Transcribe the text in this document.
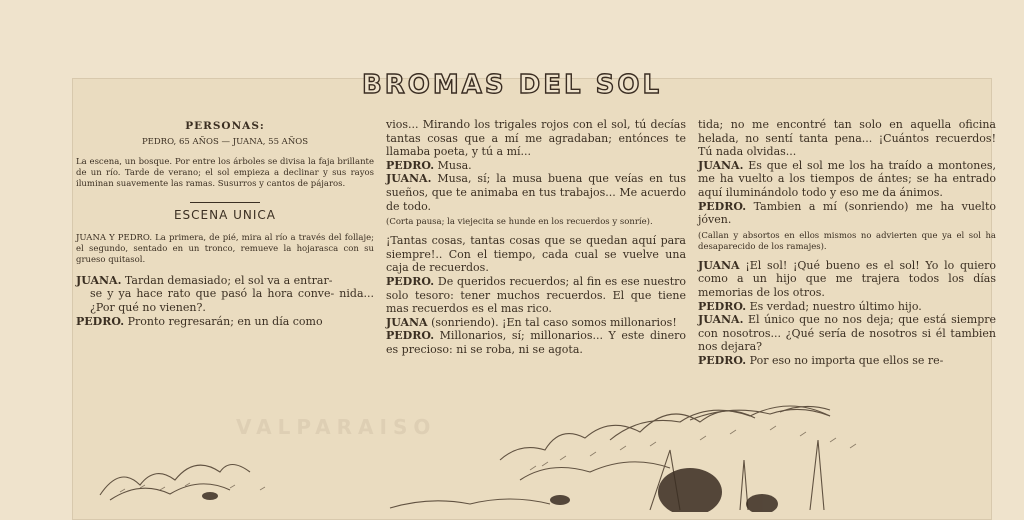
VALPARAISO
BROMAS DEL SOL
PERSONAS:
PEDRO, 65 AÑOS — JUANA, 55 AÑOS
La escena, un bosque. Por entre los árboles se divisa la faja brillante de un río. Tarde de verano; el sol empieza a declinar y sus rayos iluminan suavemente las ramas. Susurros y cantos de pájaros.
ESCENA UNICA
JUANA Y PEDRO. La primera, de pié, mira al río a través del follaje; el segundo, sentado en un tronco, remueve la hojarasca con su grueso quitasol.

JUANA. Tardan demasiado; el sol va a entrar-

se y ya hace rato que pasó la hora conve- nida... ¿Por qué no vienen?.

PEDRO. Pronto regresarán; en un día como

vios... Mirando los trigales rojos con el sol, tú decías tantas cosas que a mí me agradaban; entónces te llamaba poeta, y tú a mí...

PEDRO. Musa.

JUANA. Musa, sí; la musa buena que veías en tus sueños, que te animaba en tus trabajos... Me acuerdo de todo.

(Corta pausa; la viejecita se hunde en los recuerdos y sonríe).

¡Tantas cosas, tantas cosas que se quedan aquí para siempre!.. Con el tiempo, cada cual se vuelve una caja de recuerdos.

PEDRO. De queridos recuerdos; al fin es ese nuestro solo tesoro: tener muchos recuerdos. El que tiene mas recuerdos es el mas rico.

JUANA (sonriendo). ¡En tal caso somos millonarios!

PEDRO. Millonarios, sí; millonarios... Y este dinero es precioso: ni se roba, ni se agota.

tida; no me encontré tan solo en aquella oficina helada, no sentí tanta pena... ¡Cuántos recuerdos! Tú nada olvidas...

JUANA. Es que el sol me los ha traído a montones, me ha vuelto a los tiempos de ántes; se ha entrado aquí iluminándolo todo y eso me da ánimos.

PEDRO. Tambien a mí (sonriendo) me ha vuelto jóven.

(Callan y absortos en ellos mismos no advierten que ya el sol ha desaparecido de los ramajes).

JUANA ¡El sol! ¡Qué bueno es el sol! Yo lo quiero como a un hijo que me trajera todos los días memorias de los otros.

PEDRO. Es verdad; nuestro último hijo.

JUANA. El único que no nos deja; que está siempre con nosotros... ¿Qué sería de nosotros si él tambien nos dejara?

PEDRO. Por eso no importa que ellos se re-
